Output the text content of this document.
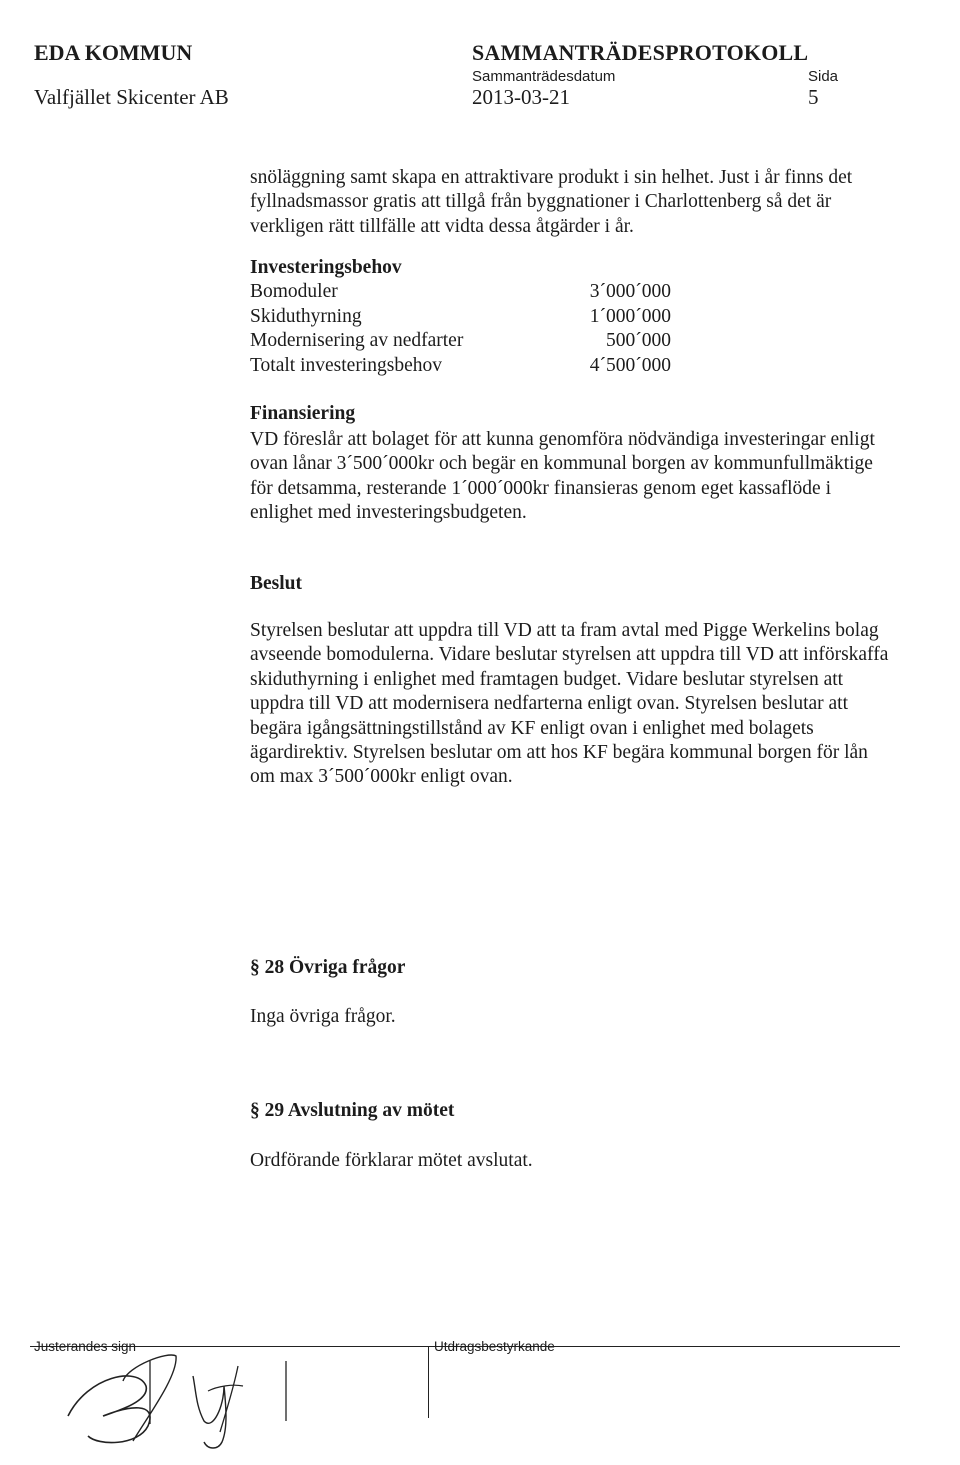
EDA KOMMUN
Valfjället Skicenter AB
SAMMANTRÄDESPROTOKOLL
Sammanträdesdatum
2013-03-21
Sida
5
snöläggning samt skapa en attraktivare produkt i sin helhet. Just i år finns det fyllnadsmassor gratis att tillgå från byggnationer i Charlottenberg så det är verkligen rätt tillfälle att vidta dessa åtgärder i år.
Investeringsbehov	
Bomoduler	3´000´000
Skiduthyrning	1´000´000
Modernisering av nedfarter	500´000
Totalt investeringsbehov	4´500´000
Finansiering
VD föreslår att bolaget för att kunna genomföra nödvändiga investeringar enligt ovan lånar 3´500´000kr och begär en kommunal borgen av kommunfullmäktige för detsamma, resterande 1´000´000kr finansieras genom eget kassaflöde i enlighet med investeringsbudgeten.
Beslut
Styrelsen beslutar att uppdra till VD att ta fram avtal med Pigge Werkelins bolag avseende bomodulerna. Vidare beslutar styrelsen att uppdra till VD att införskaffa skiduthyrning i enlighet med framtagen budget. Vidare beslutar styrelsen att uppdra till VD att modernisera nedfarterna enligt ovan. Styrelsen beslutar att begära igångsättningstillstånd av KF enligt ovan i enlighet med bolagets ägardirektiv. Styrelsen beslutar om att hos KF begära kommunal borgen för lån om max 3´500´000kr enligt ovan.
§ 28 Övriga frågor
Inga övriga frågor.
§ 29 Avslutning av mötet
Ordförande förklarar mötet avslutat.
Justerandes sign	Utdragsbestyrkande
